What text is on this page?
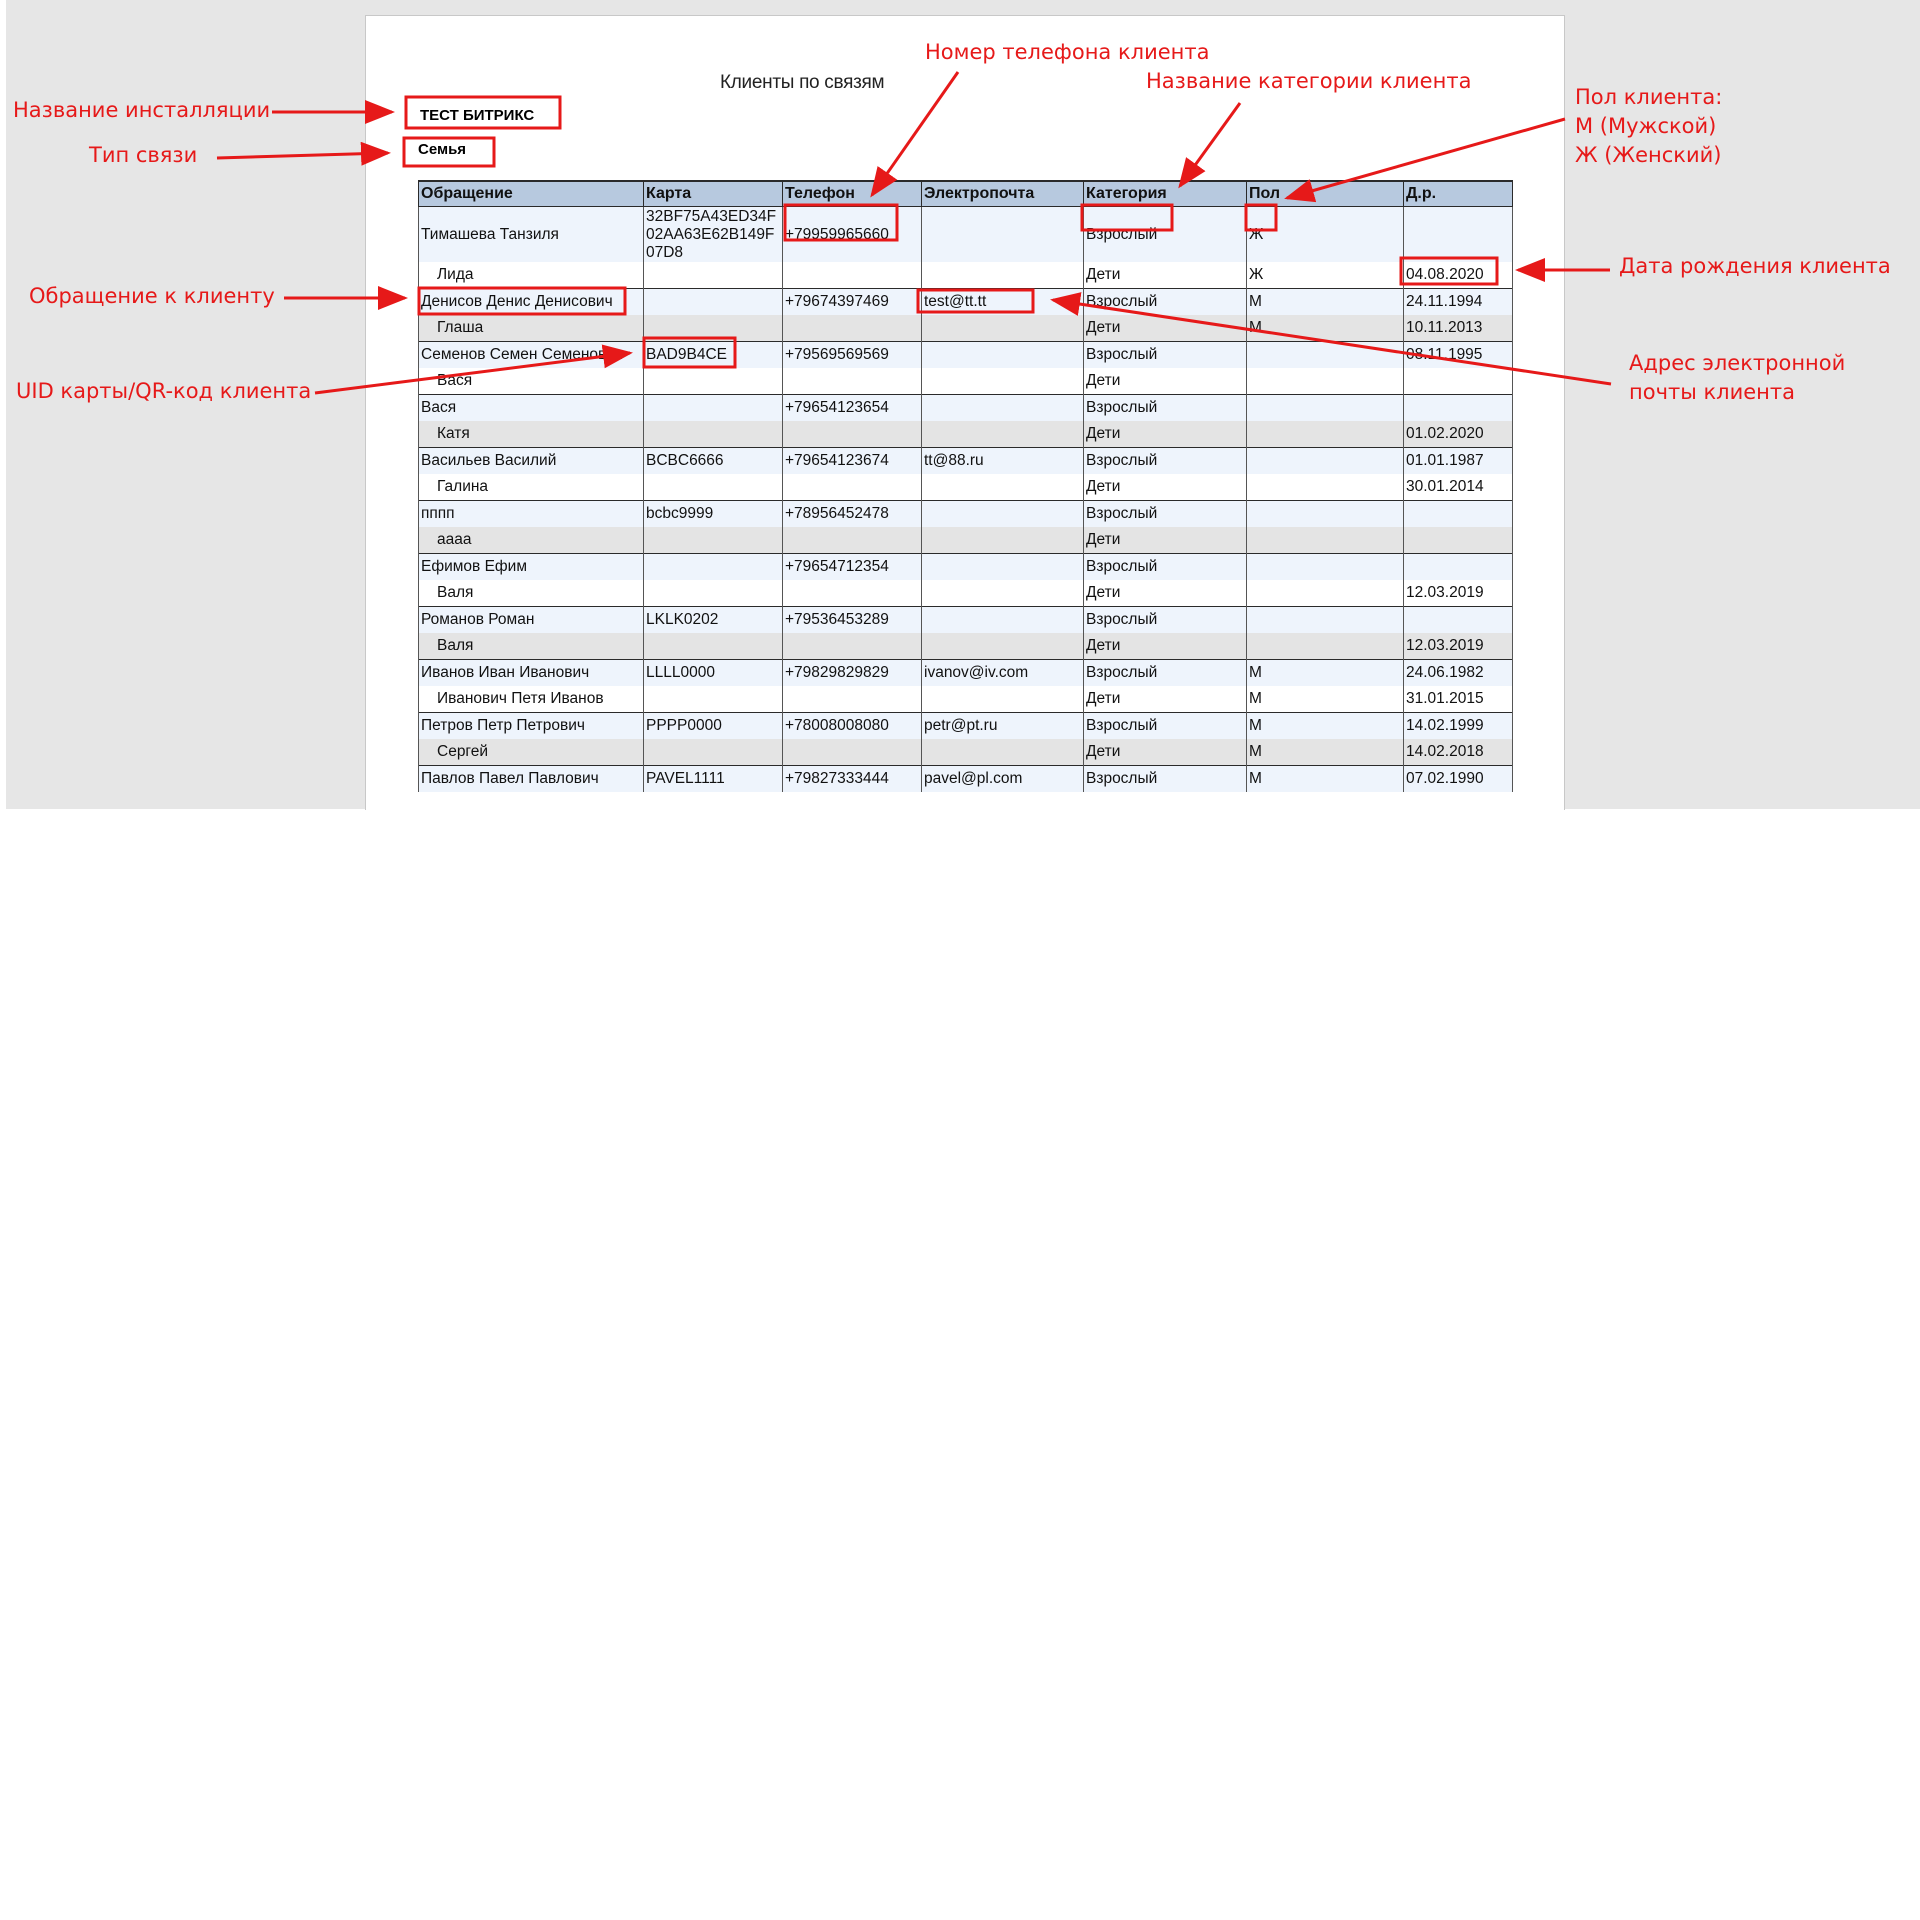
Клиенты по связям
ТЕСТ БИТРИКС
Семья
Обращение	Карта	Телефон	Электропочта	Категория	Пол	Д.р.
Тимашева Танзиля	32BF75A43ED34F02AA63E62B149F07D8	+79959965660		Взрослый	Ж	
Лида				Дети	Ж	04.08.2020
Денисов Денис Денисович		+79674397469	test@tt.tt	Взрослый	М	24.11.1994
Глаша				Дети	М	10.11.2013
Семенов Семен Семенович	BAD9B4CE	+79569569569		Взрослый		08.11.1995
Вася				Дети		
Вася		+79654123654		Взрослый		
Катя				Дети		01.02.2020
Васильев Василий	BCBC6666	+79654123674	tt@88.ru	Взрослый		01.01.1987
Галина				Дети		30.01.2014
пппп	bcbc9999	+78956452478		Взрослый		
аааа				Дети		
Ефимов Ефим		+79654712354		Взрослый		
Валя				Дети		12.03.2019
Романов Роман	LKLK0202	+79536453289		Взрослый		
Валя				Дети		12.03.2019
Иванов Иван Иванович	LLLL0000	+79829829829	ivanov@iv.com	Взрослый	М	24.06.1982
Иванович Петя Иванов				Дети	М	31.01.2015
Петров Петр Петрович	PPPP0000	+78008008080	petr@pt.ru	Взрослый	М	14.02.1999
Сергей				Дети	М	14.02.2018
Павлов Павел Павлович	PAVEL1111	+79827333444	pavel@pl.com	Взрослый	М	07.02.1990
Номер телефона клиента
Название категории клиента
Пол клиента:
М (Мужской)
Ж (Женский)
Название инсталляции
Тип связи
Дата рождения клиента
Обращение к клиенту
UID карты/QR-код клиента
Адрес электронной
почты клиента
